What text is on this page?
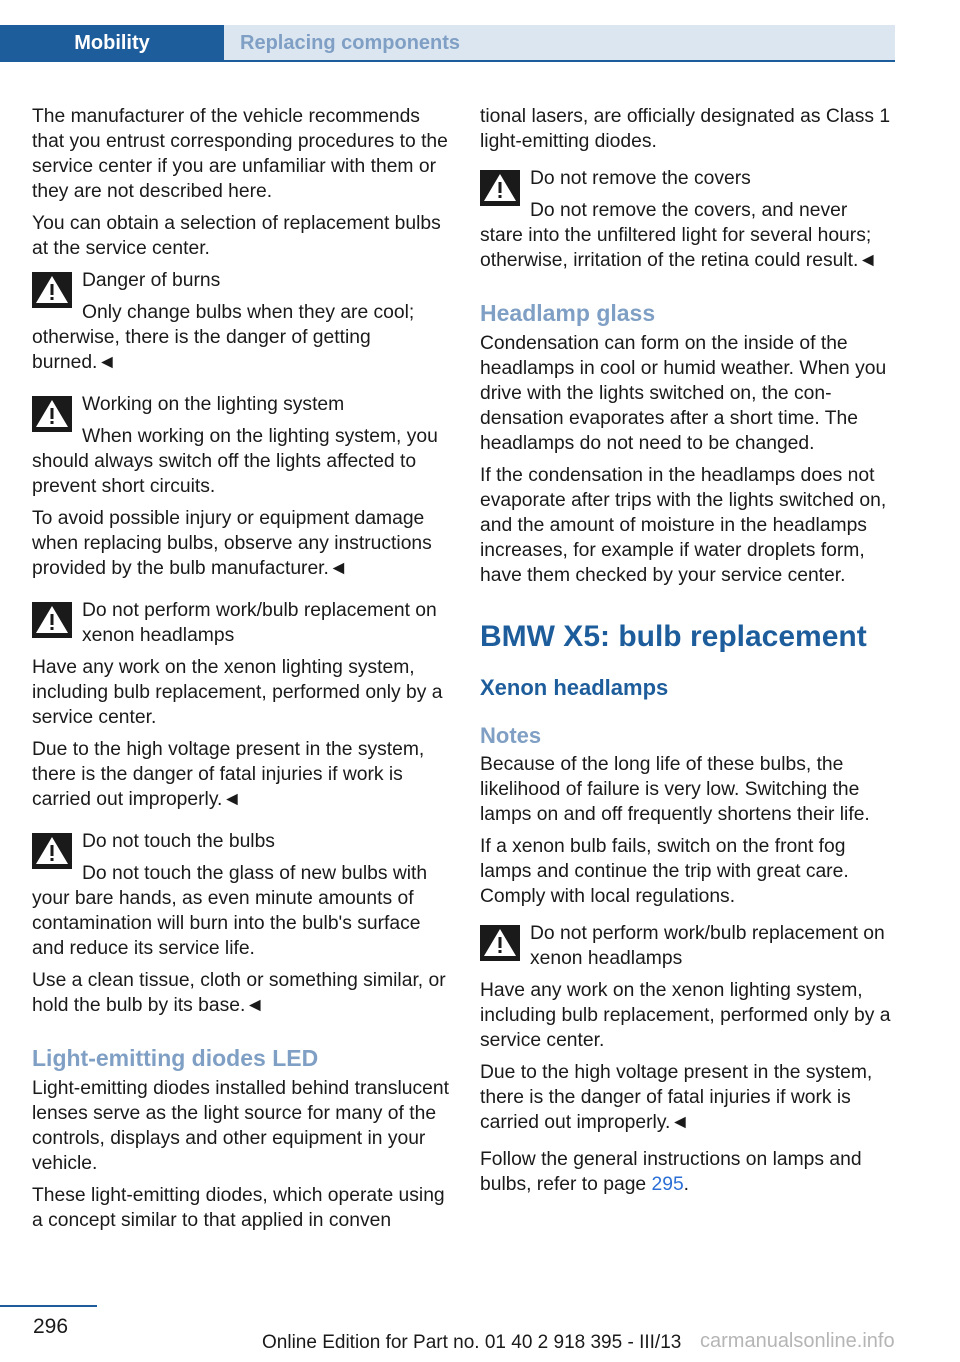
Mobility	Replacing components

The manufacturer of the vehicle recommends that you entrust corresponding procedures to the service center if you are unfamiliar with them or they are not described here.

You can obtain a selection of replacement bulbs at the service center.

Danger of burns

Only change bulbs when they are cool; otherwise, there is the danger of getting burned.◄

Working on the lighting system

When working on the lighting system, you should always switch off the lights affected to prevent short circuits.

To avoid possible injury or equipment damage when replacing bulbs, observe any instructions provided by the bulb manufacturer.◄

Do not perform work/bulb replacement on xenon headlamps

Have any work on the xenon lighting system, including bulb replacement, performed only by a service center.

Due to the high voltage present in the system, there is the danger of fatal injuries if work is carried out improperly.◄

Do not touch the bulbs

Do not touch the glass of new bulbs with your bare hands, as even minute amounts of contamination will burn into the bulb's surface and reduce its service life.

Use a clean tissue, cloth or something similar, or hold the bulb by its base.◄

Light-emitting diodes LED

Light-emitting diodes installed behind translucent lenses serve as the light source for many of the controls, displays and other equipment in your vehicle.

These light-emitting diodes, which operate using a concept similar to that applied in conven

tional lasers, are officially designated as Class 1 light-emitting diodes.

Do not remove the covers

Do not remove the covers, and never stare into the unfiltered light for several hours; otherwise, irritation of the retina could result.◄

Headlamp glass

Condensation can form on the inside of the headlamps in cool or humid weather. When you drive with the lights switched on, the condensation evaporates after a short time. The headlamps do not need to be changed.

If the condensation in the headlamps does not evaporate after trips with the lights switched on, and the amount of moisture in the headlamps increases, for example if water droplets form, have them checked by your service center.

BMW X5: bulb replacement
Xenon headlamps
Notes

Because of the long life of these bulbs, the likelihood of failure is very low. Switching the lamps on and off frequently shortens their life.

If a xenon bulb fails, switch on the front fog lamps and continue the trip with great care. Comply with local regulations.

Do not perform work/bulb replacement on xenon headlamps

Have any work on the xenon lighting system, including bulb replacement, performed only by a service center.

Due to the high voltage present in the system, there is the danger of fatal injuries if work is carried out improperly.◄

Follow the general instructions on lamps and bulbs, refer to page 295.

296
Online Edition for Part no. 01 40 2 918 395 - III/13 carmanualsonline.info
